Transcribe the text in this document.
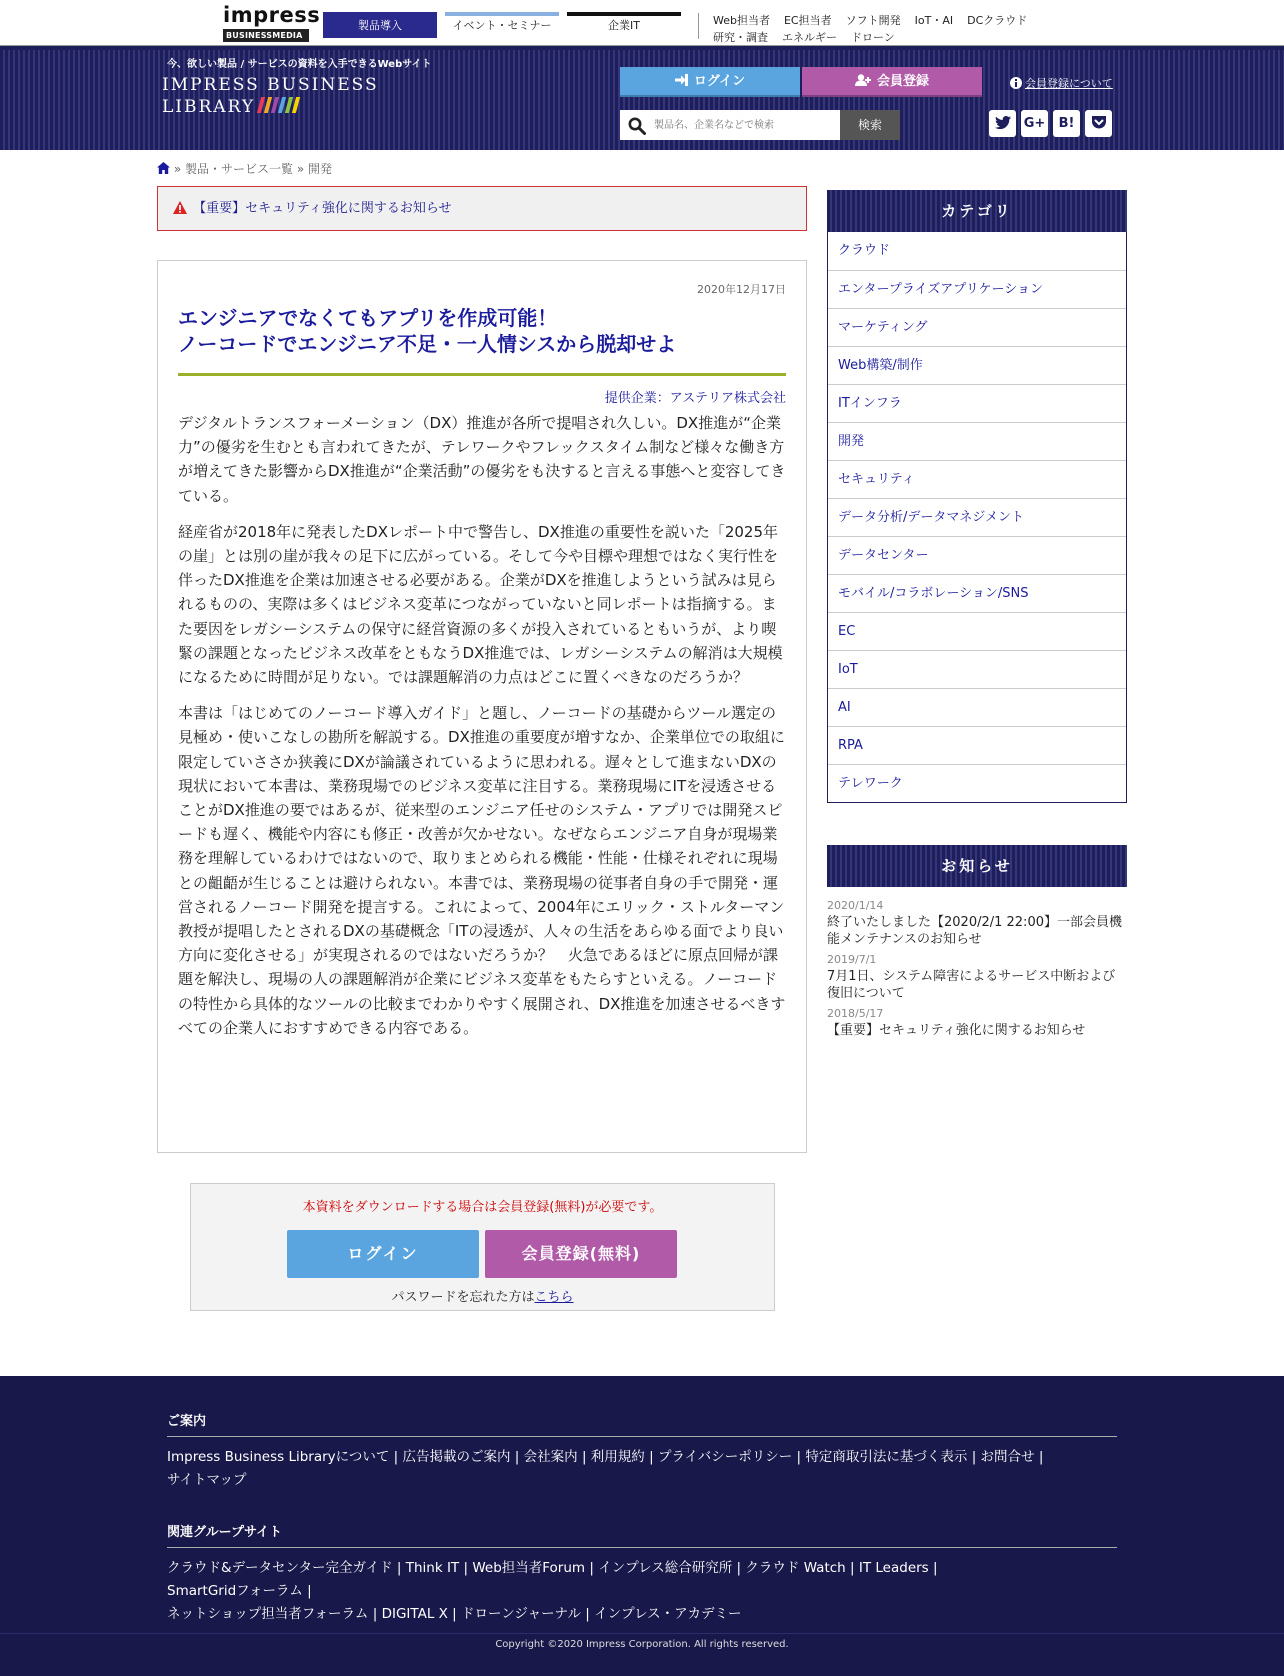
impress
BUSINESSMEDIA
製品導入	イベント・セミナー	企業IT	Web担当者 EC担当者 ソフト開発 IoT・AI DCクラウド
研究・調査 エネルギー ドローン
今、欲しい製品 / サービスの資料を入手できるWebサイト
IMPRESS BUSINESS
LIBRARY
ログイン	会員登録	会員登録について
製品名、企業名などで検索
検索	G+	B!
» 製品・サービス一覧 » 開発
【重要】セキュリティ強化に関するお知らせ
2020年12月17日
エンジニアでなくてもアプリを作成可能！
ノーコードでエンジニア不足・一人情シスから脱却せよ
提供企業：アステリア株式会社

デジタルトランスフォーメーション（DX）推進が各所で提唱され久しい。DX推進が“企業力”の優劣を生むとも言われてきたが、テレワークやフレックスタイム制など様々な働き方が増えてきた影響からDX推進が“企業活動”の優劣をも決すると言える事態へと変容してきている。

経産省が2018年に発表したDXレポート中で警告し、DX推進の重要性を説いた「2025年の崖」とは別の崖が我々の足下に広がっている。そして今や目標や理想ではなく実行性を伴ったDX推進を企業は加速させる必要がある。企業がDXを推進しようという試みは見られるものの、実際は多くはビジネス変革につながっていないと同レポートは指摘する。また要因をレガシーシステムの保守に経営資源の多くが投入されているともいうが、より喫緊の課題となったビジネス改革をともなうDX推進では、レガシーシステムの解消は大規模になるために時間が足りない。では課題解消の力点はどこに置くべきなのだろうか？

本書は「はじめてのノーコード導入ガイド」と題し、ノーコードの基礎からツール選定の見極め・使いこなしの勘所を解説する。DX推進の重要度が増すなか、企業単位での取組に限定していささか狭義にDXが論議されているように思われる。遅々として進まないDXの現状において本書は、業務現場でのビジネス変革に注目する。業務現場にITを浸透させることがDX推進の要ではあるが、従来型のエンジニア任せのシステム・アプリでは開発スピードも遅く、機能や内容にも修正・改善が欠かせない。なぜならエンジニア自身が現場業務を理解しているわけではないので、取りまとめられる機能・性能・仕様それぞれに現場との齟齬が生じることは避けられない。本書では、業務現場の従事者自身の手で開発・運営されるノーコード開発を提言する。これによって、2004年にエリック・ストルターマン教授が提唱したとされるDXの基礎概念「ITの浸透が、人々の生活をあらゆる面でより良い方向に変化させる」が実現されるのではないだろうか？　火急であるほどに原点回帰が課題を解決し、現場の人の課題解消が企業にビジネス変革をもたらすといえる。ノーコードの特性から具体的なツールの比較までわかりやすく展開され、DX推進を加速させるべきすべての企業人におすすめできる内容である。

本資料をダウンロードする場合は会員登録(無料)が必要です。
ログイン	会員登録(無料)
パスワードを忘れた方はこちら
カテゴリ
クラウド
エンタープライズアプリケーション
マーケティング
Web構築/制作
ITインフラ
開発
セキュリティ
データ分析/データマネジメント
データセンター
モバイル/コラボレーション/SNS
EC
IoT
AI
RPA
テレワーク
お知らせ
2020/1/14
終了いたしました【2020/2/1 22:00】一部会員機能メンテナンスのお知らせ
2019/7/1
7月1日、システム障害によるサービス中断および復旧について
2018/5/17
【重要】セキュリティ強化に関するお知らせ
ご案内
Impress Business Libraryについて | 広告掲載のご案内 | 会社案内 | 利用規約 | プライバシーポリシー | 特定商取引法に基づく表示 | お問合せ |
サイトマップ
関連グループサイト
クラウド&データセンター完全ガイド | Think IT | Web担当者Forum | インプレス総合研究所 | クラウド Watch | IT Leaders | SmartGridフォーラム |
ネットショップ担当者フォーラム | DIGITAL X | ドローンジャーナル | インプレス・アカデミー
Copyright ©2020 Impress Corporation. All rights reserved.
